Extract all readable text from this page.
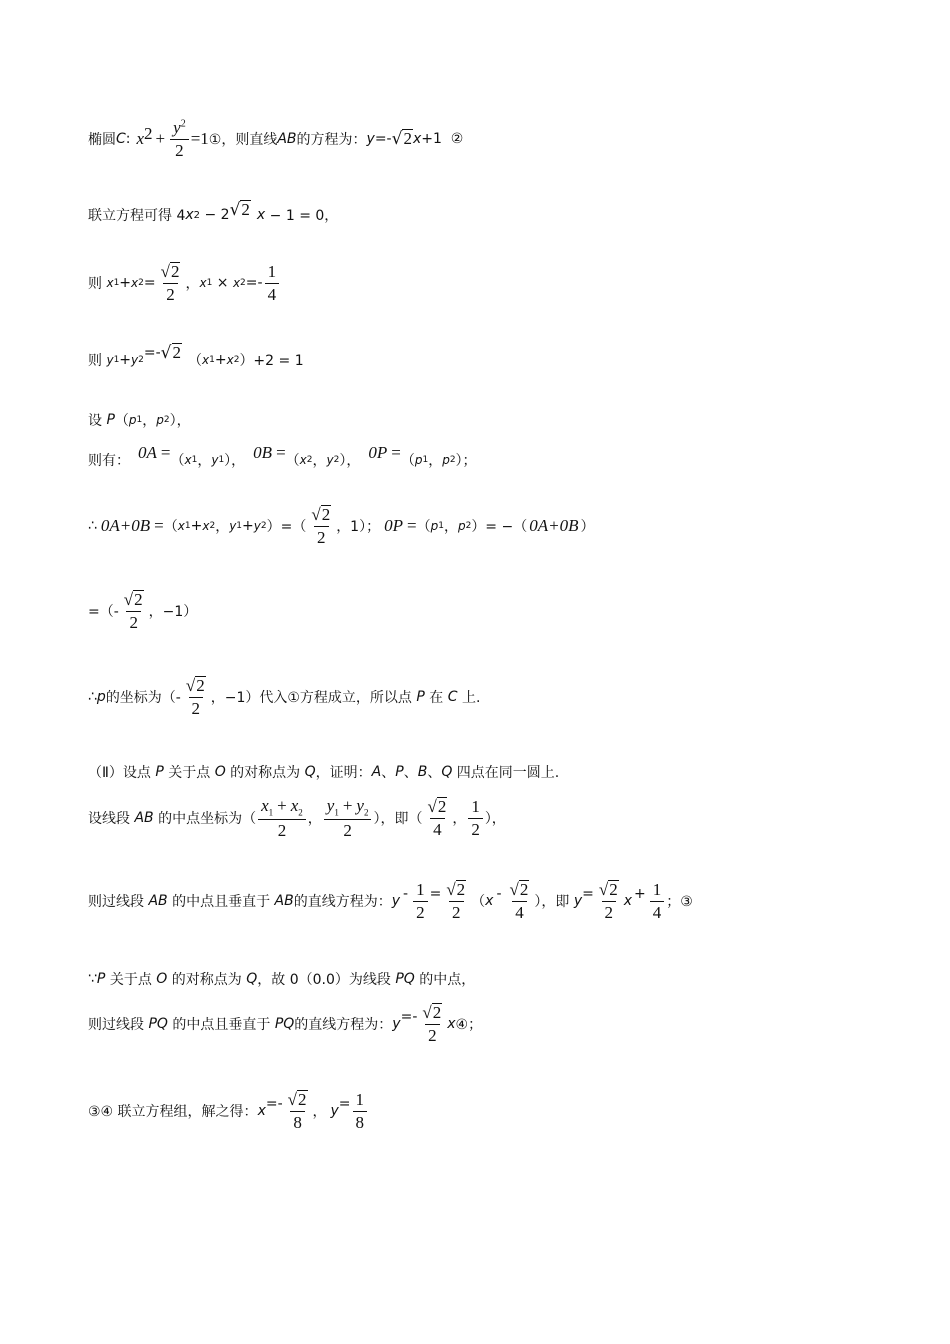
椭圆 C : x $2 + \frac{y^2}{2} =1$ ①，则直线 AB 的方程为： y =- √ 2 x +1 ②
联立方程可得 4 x 2 − 2 √ 2 x − 1 = 0，
则 x 1 + x $2 = \frac{√ 2}{2}$ ， x 1 × x $2 =- \frac{1}{4}$
则 y 1 + y 2 =- √ 2 （ x 1 + x 2 ）+2 = 1
设 P （ p 1 ， p 2 ），
则有： 0A = （ x 1 ， y 1 ）， 0B = （ x 2 ， y 2 ）， 0P = （ p 1 ， p 2 ）；
∴ 0A+0B = （ x 1 + x 2 ， y 1 + y 2 ）=（ $\frac{√ 2}{2}$ ，1）； 0P = （ p 1 ， p 2 ）= −（ 0A+0B ）
=（- $\frac{√ 2}{2}$ ，−1）
∴ p 的坐标为（- $\frac{√ 2}{2}$ ，−1）代入①方程成立，所以点 P 在 C 上.
（Ⅱ）设点 P 关于点 O 的对称点为 Q ，证明： A 、 P 、 B 、 Q 四点在同一圆上.
设线段 AB 的中点坐标为（ $\frac{x_1 + x_2}{2}$ ， $\frac{y_1 + y_2}{2}$ ），即（ $\frac{√ 2}{4}$ ， $\frac{1}{2}$ ），
则过线段 AB 的中点且垂直于 AB 的直线方程为： $y - \frac{1}{2} = \frac{√ 2}{2}$ （ x - $\frac{√ 2}{4}$ ），即 $y = \frac{√ 2}{2}$ $x + \frac{1}{4}$ ；③
∵ P 关于点 O 的对称点为 Q ，故 0（0.0）为线段 PQ 的中点，
则过线段 PQ 的中点且垂直于 PQ 的直线方程为： $y =- \frac{√ 2}{2}$ x ④；
③④ 联立方程组，解之得： $x =- \frac{√ 2}{8}$ ， $y = \frac{1}{8}$
